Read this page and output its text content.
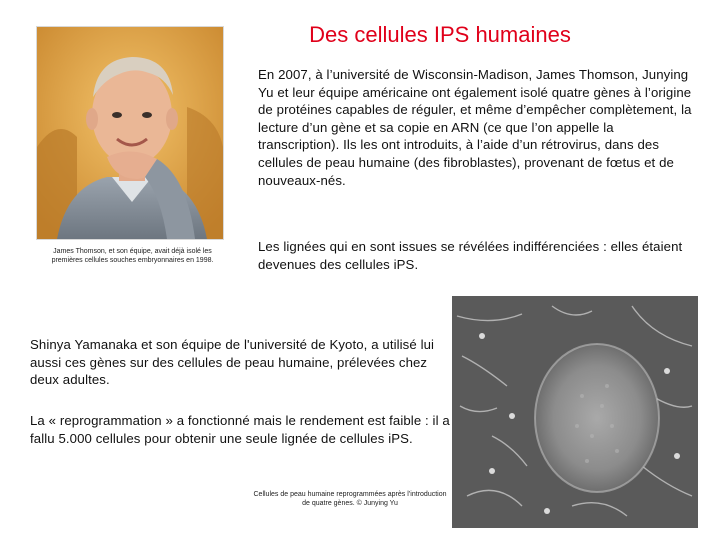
Des cellules IPS humaines
James Thomson, et son équipe, avait déjà isolé les premières cellules souches embryonnaires en 1998.
En 2007, à l’université de Wisconsin-Madison, James Thomson, Junying Yu et leur équipe américaine ont également isolé quatre gènes à l’origine de protéines capables de réguler, et même d’empêcher complètement, la lecture d’un gène et sa copie en ARN (ce que l’on appelle la transcription). Ils les ont introduits, à l’aide d’un rétrovirus, dans des cellules de peau humaine (des fibroblastes), provenant de fœtus et de nouveaux-nés.
Les lignées qui en sont issues se révélées indifférenciées : elles étaient devenues des cellules iPS.
Shinya Yamanaka et son équipe de l'université de Kyoto, a utilisé lui aussi ces gènes sur des cellules de peau humaine, prélevées chez deux adultes.
La « reprogrammation » a fonctionné mais le rendement est faible : il a fallu 5.000 cellules pour obtenir une seule lignée de cellules iPS.
Cellules de peau humaine reprogrammées après l’introduction de quatre gènes. © Junying Yu
